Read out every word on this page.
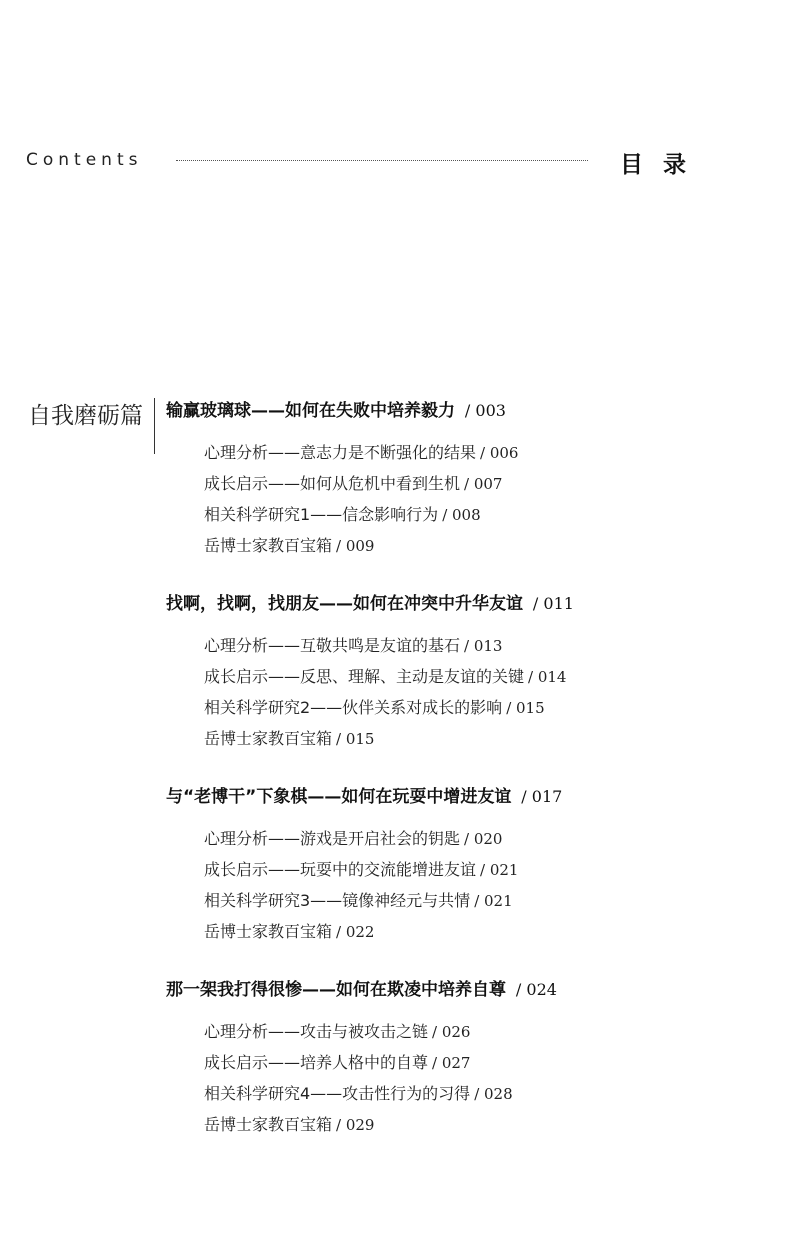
Contents	目录
自我磨砺篇 输赢玻璃球——如何在失败中培养毅力 / 003
心理分析——意志力是不断强化的结果 / 006
成长启示——如何从危机中看到生机 / 007
相关科学研究1——信念影响行为 / 008
岳博士家教百宝箱 / 009
找啊，找啊，找朋友——如何在冲突中升华友谊 / 011
心理分析——互敬共鸣是友谊的基石 / 013
成长启示——反思、理解、主动是友谊的关键 / 014
相关科学研究2——伙伴关系对成长的影响 / 015
岳博士家教百宝箱 / 015
与“老博干”下象棋——如何在玩耍中增进友谊 / 017
心理分析——游戏是开启社会的钥匙 / 020
成长启示——玩耍中的交流能增进友谊 / 021
相关科学研究3——镜像神经元与共情 / 021
岳博士家教百宝箱 / 022
那一架我打得很惨——如何在欺凌中培养自尊 / 024
心理分析——攻击与被攻击之链 / 026
成长启示——培养人格中的自尊 / 027
相关科学研究4——攻击性行为的习得 / 028
岳博士家教百宝箱 / 029
